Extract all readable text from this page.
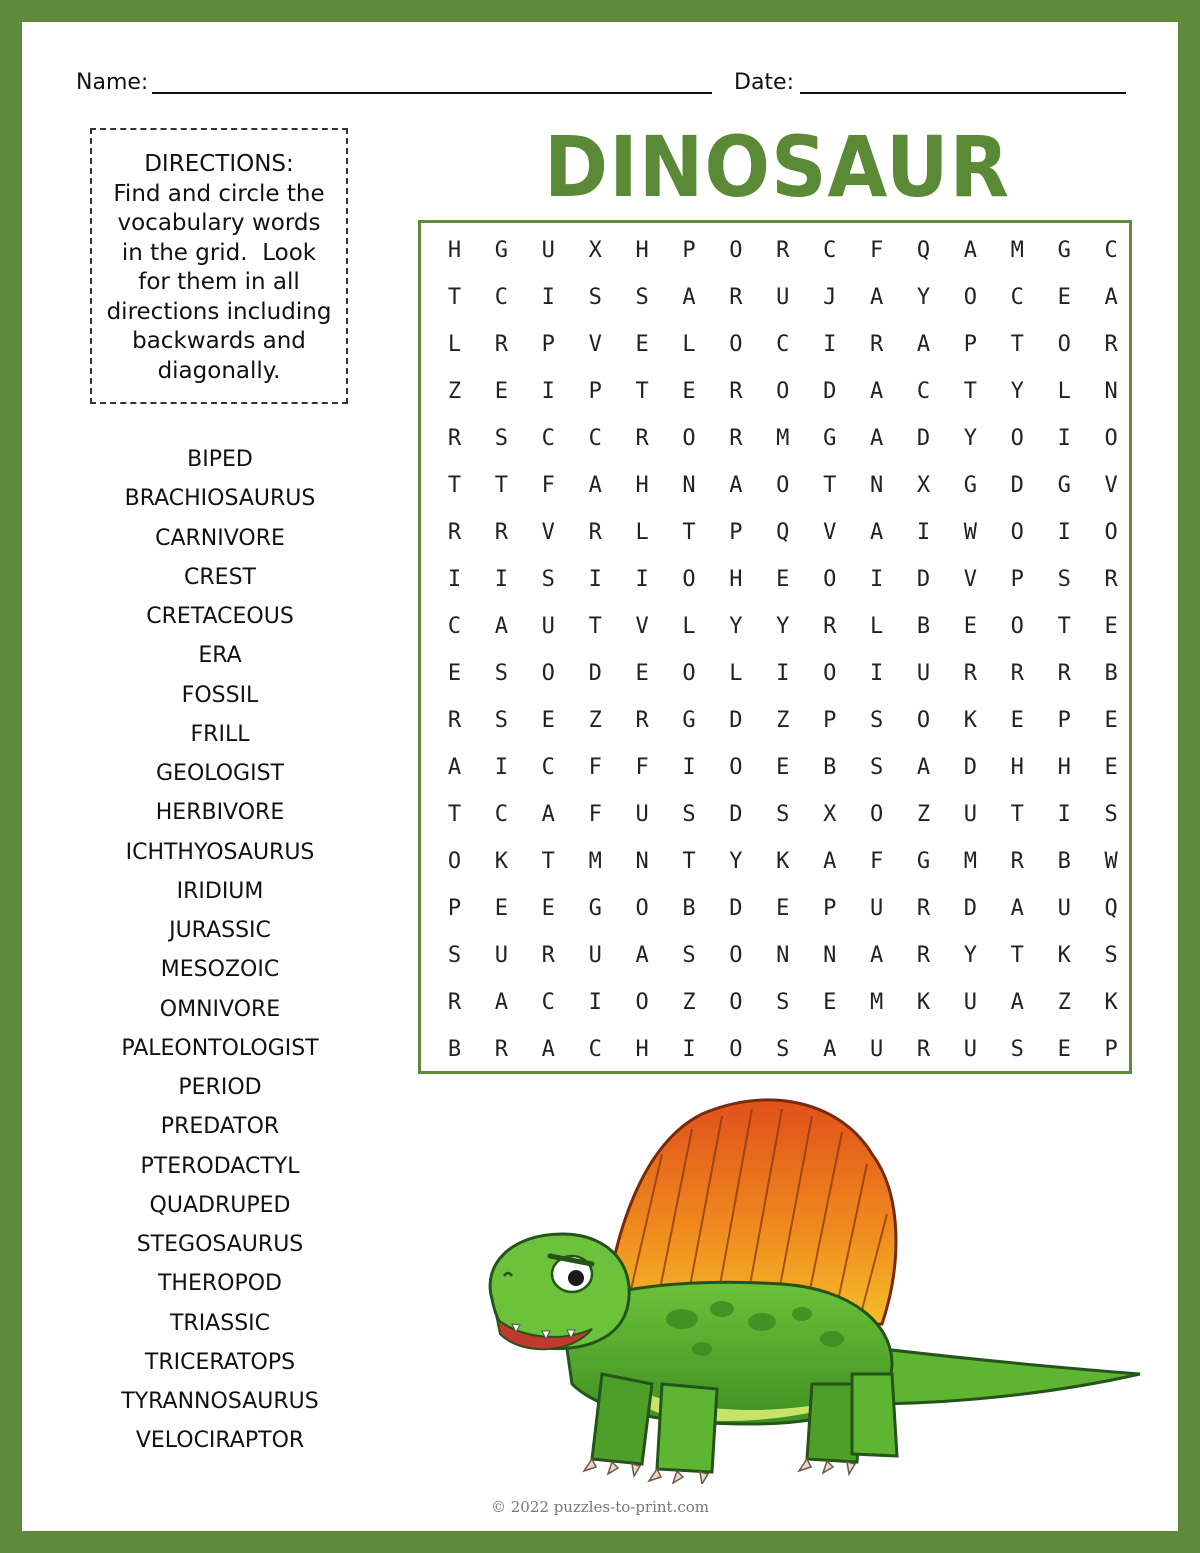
Name:	Date:
DIRECTIONS:
Find and circle the
vocabulary words
in the grid.  Look
for them in all
directions including
backwards and
diagonally.
DINOSAUR
BIPED
BRACHIOSAURUS
CARNIVORE
CREST
CRETACEOUS
ERA
FOSSIL
FRILL
GEOLOGIST
HERBIVORE
ICHTHYOSAURUS
IRIDIUM
JURASSIC
MESOZOIC
OMNIVORE
PALEONTOLOGIST
PERIOD
PREDATOR
PTERODACTYL
QUADRUPED
STEGOSAURUS
THEROPOD
TRIASSIC
TRICERATOPS
TYRANNOSAURUS
VELOCIRAPTOR
H	G	U	X	H	P	O	R	C	F	Q	A	M	G	C
T	C	I	S	S	A	R	U	J	A	Y	O	C	E	A
L	R	P	V	E	L	O	C	I	R	A	P	T	O	R
Z	E	I	P	T	E	R	O	D	A	C	T	Y	L	N
R	S	C	C	R	O	R	M	G	A	D	Y	O	I	O
T	T	F	A	H	N	A	O	T	N	X	G	D	G	V
R	R	V	R	L	T	P	Q	V	A	I	W	O	I	O
I	I	S	I	I	O	H	E	O	I	D	V	P	S	R
C	A	U	T	V	L	Y	Y	R	L	B	E	O	T	E
E	S	O	D	E	O	L	I	O	I	U	R	R	R	B
R	S	E	Z	R	G	D	Z	P	S	O	K	E	P	E
A	I	C	F	F	I	O	E	B	S	A	D	H	H	E
T	C	A	F	U	S	D	S	X	O	Z	U	T	I	S
O	K	T	M	N	T	Y	K	A	F	G	M	R	B	W
P	E	E	G	O	B	D	E	P	U	R	D	A	U	Q
S	U	R	U	A	S	O	N	N	A	R	Y	T	K	S
R	A	C	I	O	Z	O	S	E	M	K	U	A	Z	K
B	R	A	C	H	I	O	S	A	U	R	U	S	E	P
© 2022 puzzles-to-print.com
